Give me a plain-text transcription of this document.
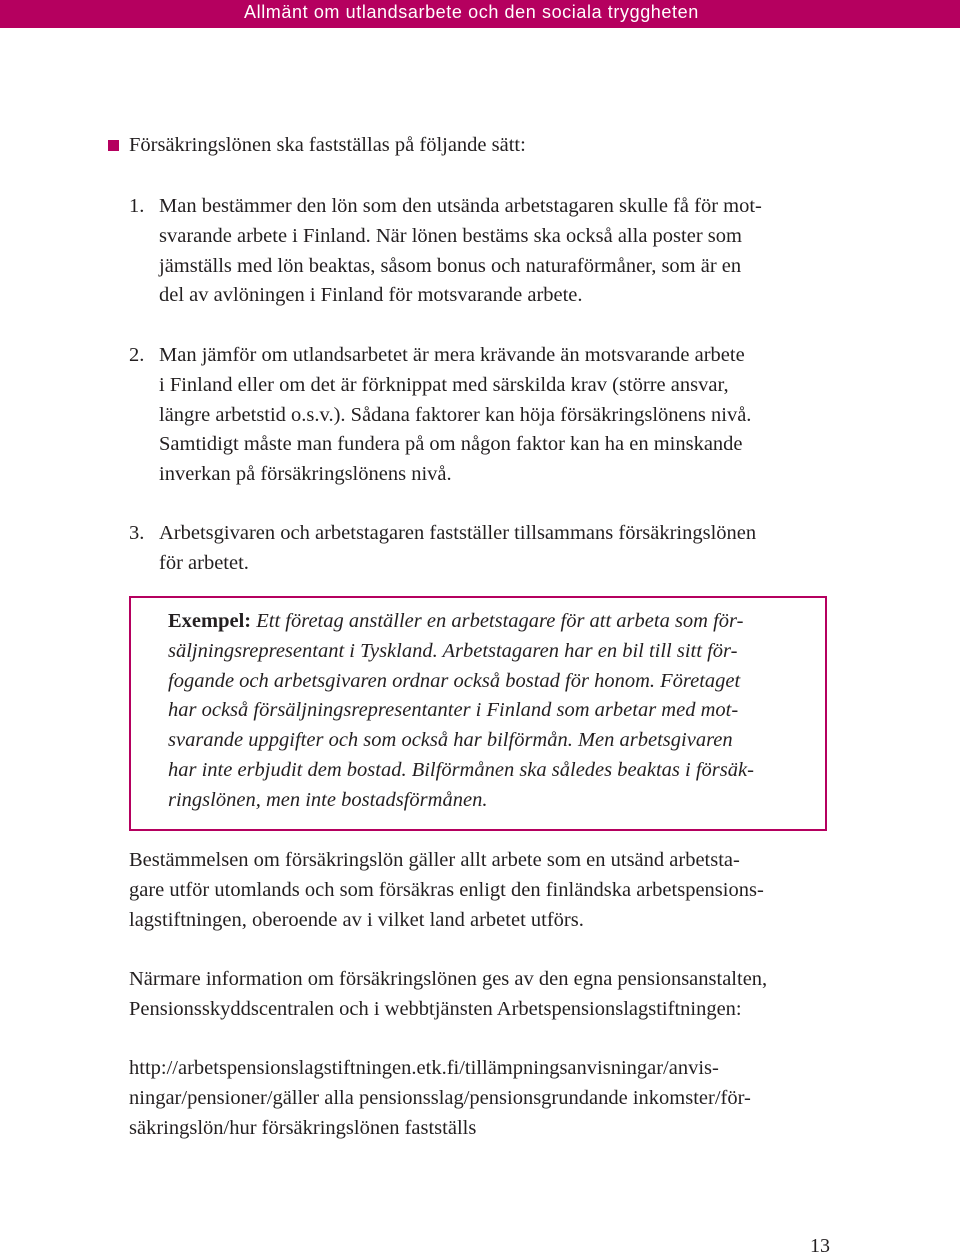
Allmänt om utlandsarbete och den sociala tryggheten

Försäkringslönen ska fastställas på följande sätt:

1. Man bestämmer den lön som den utsända arbetstagaren skulle få för mot-
svarande arbete i Finland. När lönen bestäms ska också alla poster som
jämställs med lön beaktas, såsom bonus och naturaförmåner, som är en
del av avlöningen i Finland för motsvarande arbete.

2. Man jämför om utlandsarbetet är mera krävande än motsvarande arbete
i Finland eller om det är förknippat med särskilda krav (större ansvar,
längre arbetstid o.s.v.). Sådana faktorer kan höja försäkringslönens nivå.
Samtidigt måste man fundera på om någon faktor kan ha en minskande
inverkan på försäkringslönens nivå.

3. Arbetsgivaren och arbetstagaren fastställer tillsammans försäkringslönen
för arbetet.

Exempel: Ett företag anställer en arbetstagare för att arbeta som för-
säljningsrepresentant i Tyskland. Arbetstagaren har en bil till sitt för-
fogande och arbetsgivaren ordnar också bostad för honom. Företaget
har också försäljningsrepresentanter i Finland som arbetar med mot-
svarande uppgifter och som också har bilförmån. Men arbetsgivaren
har inte erbjudit dem bostad. Bilförmånen ska således beaktas i försäk-
ringslönen, men inte bostadsförmånen.

Bestämmelsen om försäkringslön gäller allt arbete som en utsänd arbetsta-
gare utför utomlands och som försäkras enligt den finländska arbetspensions-
lagstiftningen, oberoende av i vilket land arbetet utförs.

Närmare information om försäkringslönen ges av den egna pensionsanstalten,
Pensionsskyddscentralen och i webbtjänsten Arbetspensionslagstiftningen:

http://arbetspensionslagstiftningen.etk.fi/tillämpningsanvisningar/anvis-
ningar/pensioner/gäller alla pensionsslag/pensionsgrundande inkomster/för-
säkringslön/hur försäkringslönen fastställs

13
